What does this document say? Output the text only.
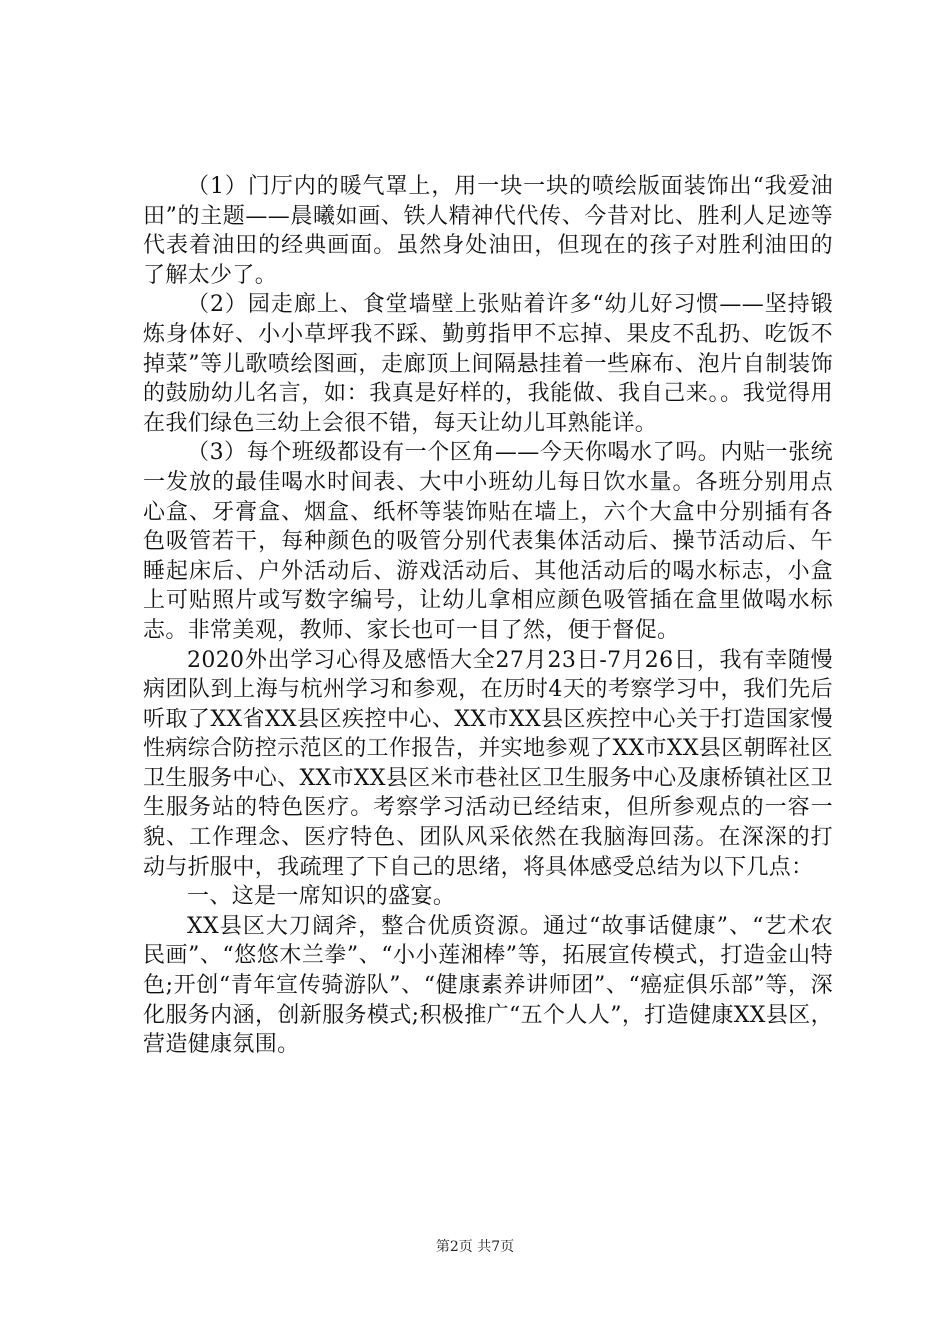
（1）门厅内的暖气罩上，用一块一块的喷绘版面装饰出“我爱油田”的主题——晨曦如画、铁人精神代代传、今昔对比、胜利人足迹等代表着油田的经典画面。虽然身处油田，但现在的孩子对胜利油田的了解太少了。

（2）园走廊上、食堂墙壁上张贴着许多“幼儿好习惯——坚持锻炼身体好、小小草坪我不踩、勤剪指甲不忘掉、果皮不乱扔、吃饭不掉菜”等儿歌喷绘图画，走廊顶上间隔悬挂着一些麻布、泡片自制装饰的鼓励幼儿名言，如：我真是好样的，我能做、我自己来。。我觉得用在我们绿色三幼上会很不错，每天让幼儿耳熟能详。

（3）每个班级都设有一个区角——今天你喝水了吗。内贴一张统一发放的最佳喝水时间表、大中小班幼儿每日饮水量。各班分别用点心盒、牙膏盒、烟盒、纸杯等装饰贴在墙上，六个大盒中分别插有各色吸管若干，每种颜色的吸管分别代表集体活动后、操节活动后、午睡起床后、户外活动后、游戏活动后、其他活动后的喝水标志，小盒上可贴照片或写数字编号，让幼儿拿相应颜色吸管插在盒里做喝水标志。非常美观，教师、家长也可一目了然，便于督促。

2020外出学习心得及感悟大全27月23日-7月26日，我有幸随慢病团队到上海与杭州学习和参观，在历时4天的考察学习中，我们先后听取了XX省XX县区疾控中心、XX市XX县区疾控中心关于打造国家慢性病综合防控示范区的工作报告，并实地参观了XX市XX县区朝晖社区卫生服务中心、XX市XX县区米市巷社区卫生服务中心及康桥镇社区卫生服务站的特色医疗。考察学习活动已经结束，但所参观点的一容一貌、工作理念、医疗特色、团队风采依然在我脑海回荡。在深深的打动与折服中，我疏理了下自己的思绪，将具体感受总结为以下几点：

一、这是一席知识的盛宴。

XX县区大刀阔斧，整合优质资源。通过“故事话健康”、“艺术农民画”、“悠悠木兰拳”、“小小莲湘棒”等，拓展宣传模式，打造金山特色;开创“青年宣传骑游队”、“健康素养讲师团”、“癌症俱乐部”等，深化服务内涵，创新服务模式;积极推广“五个人人”，打造健康XX县区，营造健康氛围。

第2页 共7页
